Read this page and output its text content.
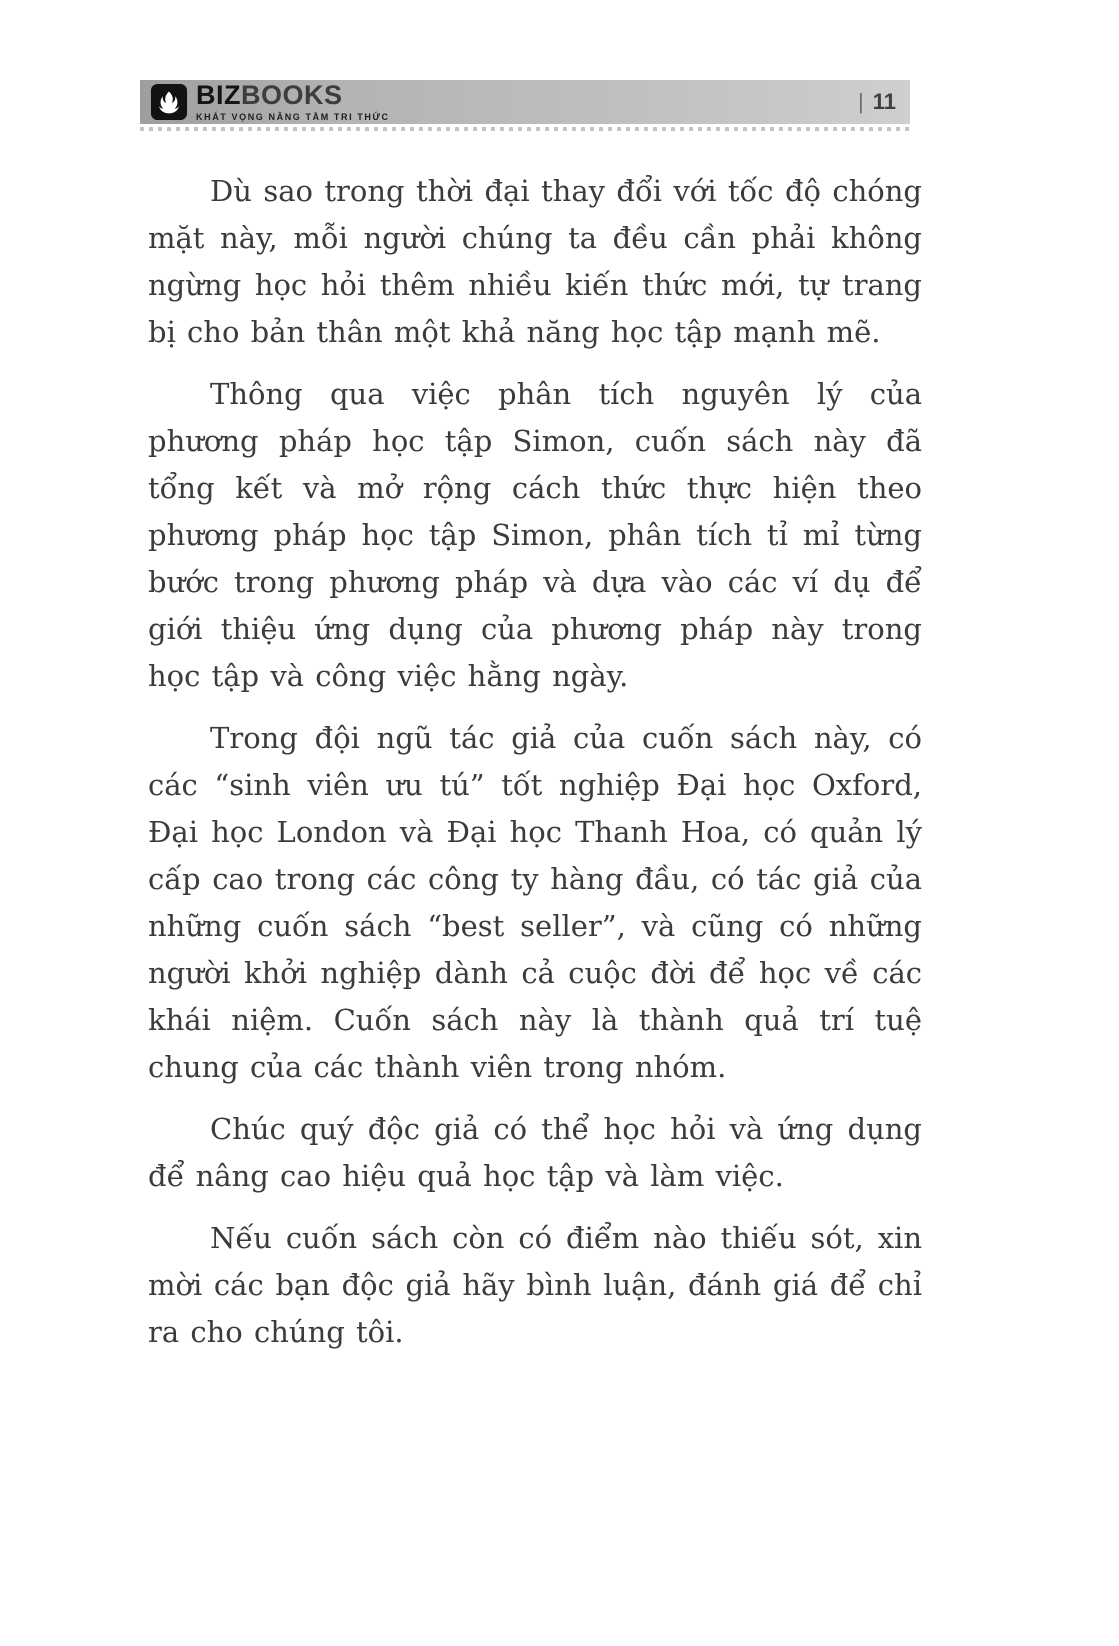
BIZBOOKS
KHÁT VỌNG NÂNG TẦM TRI THỨC
| 11

Dù sao trong thời đại thay đổi với tốc độ chóng mặt này, mỗi người chúng ta đều cần phải không ngừng học hỏi thêm nhiều kiến thức mới, tự trang bị cho bản thân một khả năng học tập mạnh mẽ.

Thông qua việc phân tích nguyên lý của phương pháp học tập Simon, cuốn sách này đã tổng kết và mở rộng cách thức thực hiện theo phương pháp học tập Simon, phân tích tỉ mỉ từng bước trong phương pháp và dựa vào các ví dụ để giới thiệu ứng dụng của phương pháp này trong học tập và công việc hằng ngày.

Trong đội ngũ tác giả của cuốn sách này, có các “sinh viên ưu tú” tốt nghiệp Đại học Oxford, Đại học London và Đại học Thanh Hoa, có quản lý cấp cao trong các công ty hàng đầu, có tác giả của những cuốn sách “best seller”, và cũng có những người khởi nghiệp dành cả cuộc đời để học về các khái niệm. Cuốn sách này là thành quả trí tuệ chung của các thành viên trong nhóm.

Chúc quý độc giả có thể học hỏi và ứng dụng để nâng cao hiệu quả học tập và làm việc.

Nếu cuốn sách còn có điểm nào thiếu sót, xin mời các bạn độc giả hãy bình luận, đánh giá để chỉ ra cho chúng tôi.
